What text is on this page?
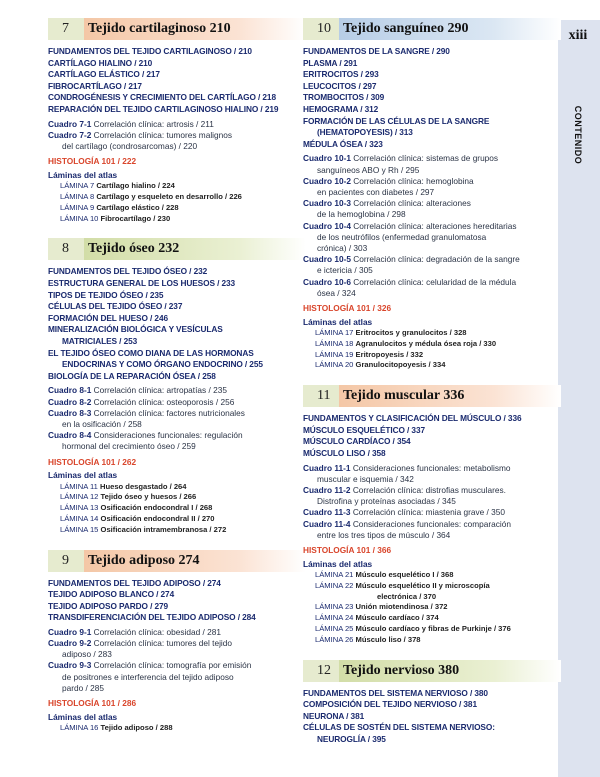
xiii
CONTENIDO
7	Tejido cartilaginoso 210
FUNDAMENTOS DEL TEJIDO CARTILAGINOSO / 210
CARTÍLAGO HIALINO / 210
CARTÍLAGO ELÁSTICO / 217
FIBROCARTÍLAGO / 217
CONDROGÉNESIS Y CRECIMIENTO DEL CARTÍLAGO / 218
REPARACIÓN DEL TEJIDO CARTILAGINOSO HIALINO / 219
Cuadro 7-1 Correlación clínica: artrosis / 211
Cuadro 7-2 Correlación clínica: tumores malignos
del cartílago (condrosarcomas) / 220
HISTOLOGÍA 101 / 222
Láminas del atlas
LÁMINA 7 Cartílago hialino / 224
LÁMINA 8 Cartílago y esqueleto en desarrollo / 226
LÁMINA 9 Cartílago elástico / 228
LÁMINA 10 Fibrocartílago / 230
8	Tejido óseo 232
FUNDAMENTOS DEL TEJIDO ÓSEO / 232
ESTRUCTURA GENERAL DE LOS HUESOS / 233
TIPOS DE TEJIDO ÓSEO / 235
CÉLULAS DEL TEJIDO ÓSEO / 237
FORMACIÓN DEL HUESO / 246
MINERALIZACIÓN BIOLÓGICA Y VESÍCULAS
MATRICIALES / 253
EL TEJIDO ÓSEO COMO DIANA DE LAS HORMONAS
ENDOCRINAS Y COMO ÓRGANO ENDOCRINO / 255
BIOLOGÍA DE LA REPARACIÓN ÓSEA / 258
Cuadro 8-1 Correlación clínica: artropatías / 235
Cuadro 8-2 Correlación clínica: osteoporosis / 256
Cuadro 8-3 Correlación clínica: factores nutricionales
en la osificación / 258
Cuadro 8-4 Consideraciones funcionales: regulación
hormonal del crecimiento óseo / 259
HISTOLOGÍA 101 / 262
Láminas del atlas
LÁMINA 11 Hueso desgastado / 264
LÁMINA 12 Tejido óseo y huesos / 266
LÁMINA 13 Osificación endocondral I / 268
LÁMINA 14 Osificación endocondral II / 270
LÁMINA 15 Osificación intramembranosa / 272
9	Tejido adiposo 274
FUNDAMENTOS DEL TEJIDO ADIPOSO / 274
TEJIDO ADIPOSO BLANCO / 274
TEJIDO ADIPOSO PARDO / 279
TRANSDIFERENCIACIÓN DEL TEJIDO ADIPOSO / 284
Cuadro 9-1 Correlación clínica: obesidad / 281
Cuadro 9-2 Correlación clínica: tumores del tejido
adiposo / 283
Cuadro 9-3 Correlación clínica: tomografía por emisión
de positrones e interferencia del tejido adiposo
pardo / 285
HISTOLOGÍA 101 / 286
Láminas del atlas
LÁMINA 16 Tejido adiposo / 288
10 Tejido sanguíneo 290
FUNDAMENTOS DE LA SANGRE / 290
PLASMA / 291
ERITROCITOS / 293
LEUCOCITOS / 297
TROMBOCITOS / 309
HEMOGRAMA / 312
FORMACIÓN DE LAS CÉLULAS DE LA SANGRE
(HEMATOPOYESIS) / 313
MÉDULA ÓSEA / 323
Cuadro 10-1 Correlación clínica: sistemas de grupos
sanguíneos ABO y Rh / 295
Cuadro 10-2 Correlación clínica: hemoglobina
en pacientes con diabetes / 297
Cuadro 10-3 Correlación clínica: alteraciones
de la hemoglobina / 298
Cuadro 10-4 Correlación clínica: alteraciones hereditarias
de los neutrófilos (enfermedad granulomatosa
crónica) / 303
Cuadro 10-5 Correlación clínica: degradación de la sangre
e ictericia / 305
Cuadro 10-6 Correlación clínica: celularidad de la médula
ósea / 324
HISTOLOGÍA 101 / 326
Láminas del atlas
LÁMINA 17 Eritrocitos y granulocitos / 328
LÁMINA 18 Agranulocitos y médula ósea roja / 330
LÁMINA 19 Eritropoyesis / 332
LÁMINA 20 Granulocitopoyesis / 334
11 Tejido muscular 336
FUNDAMENTOS Y CLASIFICACIÓN DEL MÚSCULO / 336
MÚSCULO ESQUELÉTICO / 337
MÚSCULO CARDÍACO / 354
MÚSCULO LISO / 358
Cuadro 11-1 Consideraciones funcionales: metabolismo
muscular e isquemia / 342
Cuadro 11-2 Correlación clínica: distrofias musculares.
Distrofina y proteínas asociadas / 345
Cuadro 11-3 Correlación clínica: miastenia grave / 350
Cuadro 11-4 Consideraciones funcionales: comparación
entre los tres tipos de músculo / 364
HISTOLOGÍA 101 / 366
Láminas del atlas
LÁMINA 21 Músculo esquelético I / 368
LÁMINA 22 Músculo esquelético II y microscopía
electrónica / 370
LÁMINA 23 Unión miotendinosa / 372
LÁMINA 24 Músculo cardíaco / 374
LÁMINA 25 Músculo cardíaco y fibras de Purkinje / 376
LÁMINA 26 Músculo liso / 378
12 Tejido nervioso 380
FUNDAMENTOS DEL SISTEMA NERVIOSO / 380
COMPOSICIÓN DEL TEJIDO NERVIOSO / 381
NEURONA / 381
CÉLULAS DE SOSTÉN DEL SISTEMA NERVIOSO:
NEUROGLÍA / 395
